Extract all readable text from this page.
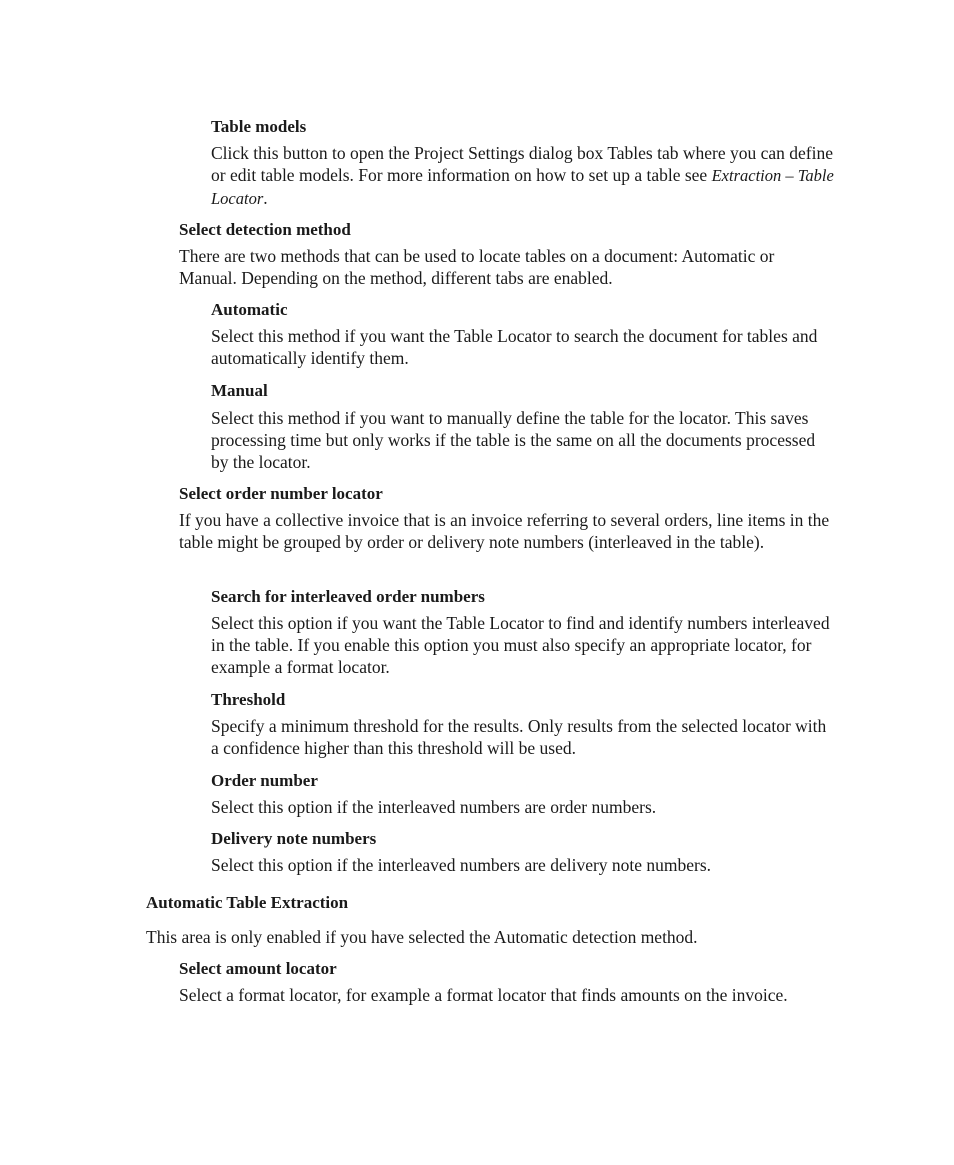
Table models

Click this button to open the Project Settings dialog box Tables tab where you can define or edit table models. For more information on how to set up a table see Extraction – Table Locator.

Select detection method

There are two methods that can be used to locate tables on a document: Automatic or Manual. Depending on the method, different tabs are enabled.

Automatic

Select this method if you want the Table Locator to search the document for tables and automatically identify them.

Manual

Select this method if you want to manually define the table for the locator. This saves processing time but only works if the table is the same on all the documents processed by the locator.

Select order number locator

If you have a collective invoice that is an invoice referring to several orders, line items in the table might be grouped by order or delivery note numbers (interleaved in the table).

Search for interleaved order numbers

Select this option if you want the Table Locator to find and identify numbers interleaved in the table. If you enable this option you must also specify an appropriate locator, for example a format locator.

Threshold

Specify a minimum threshold for the results. Only results from the selected locator with a confidence higher than this threshold will be used.

Order number

Select this option if the interleaved numbers are order numbers.

Delivery note numbers

Select this option if the interleaved numbers are delivery note numbers.

Automatic Table Extraction

This area is only enabled if you have selected the Automatic detection method.

Select amount locator

Select a format locator, for example a format locator that finds amounts on the invoice.
